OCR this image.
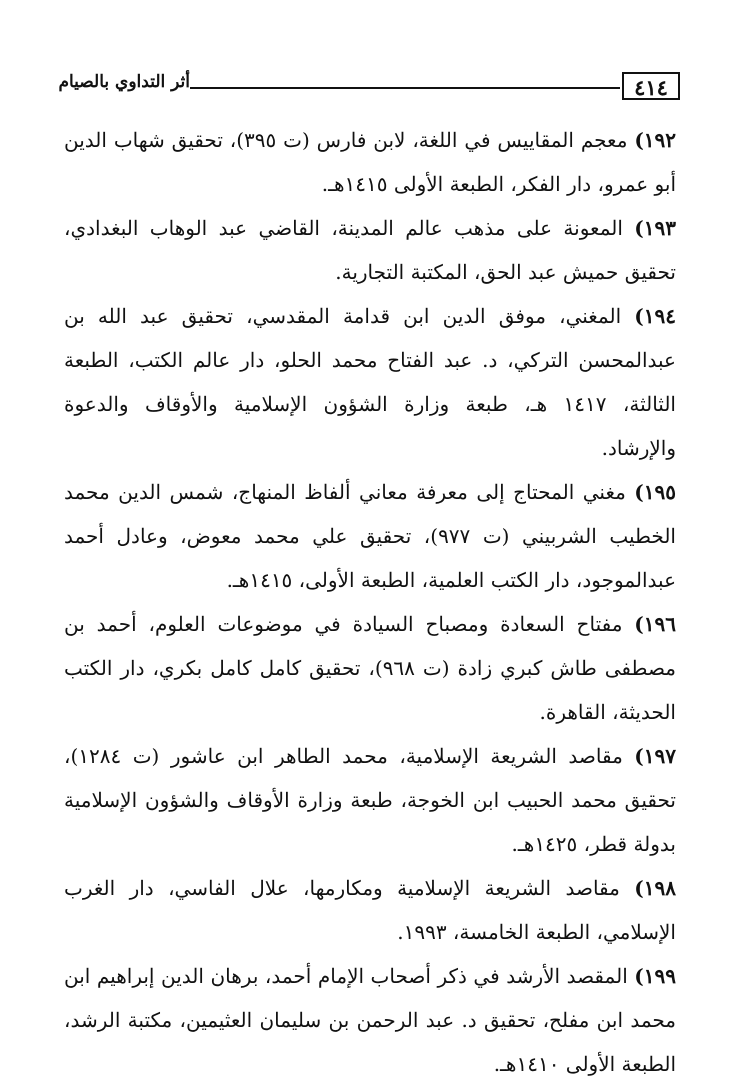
٤١٤
أثر التداوي بالصيام

١٩٢) معجم المقاييس في اللغة، لابن فارس (ت ٣٩٥)، تحقيق شهاب الدين أبو عمرو، دار الفكر، الطبعة الأولى ١٤١٥هـ.

١٩٣) المعونة على مذهب عالم المدينة، القاضي عبد الوهاب البغدادي، تحقيق حميش عبد الحق، المكتبة التجارية.

١٩٤) المغني، موفق الدين ابن قدامة المقدسي، تحقيق عبد الله بن عبدالمحسن التركي، د. عبد الفتاح محمد الحلو، دار عالم الكتب، الطبعة الثالثة، ١٤١٧ هـ، طبعة وزارة الشؤون الإسلامية والأوقاف والدعوة والإرشاد.

١٩٥) مغني المحتاج إلى معرفة معاني ألفاظ المنهاج، شمس الدين محمد الخطيب الشربيني (ت ٩٧٧)، تحقيق علي محمد معوض، وعادل أحمد عبدالموجود، دار الكتب العلمية، الطبعة الأولى، ١٤١٥هـ.

١٩٦) مفتاح السعادة ومصباح السيادة في موضوعات العلوم، أحمد بن مصطفى طاش كبري زادة (ت ٩٦٨)، تحقيق كامل كامل بكري، دار الكتب الحديثة، القاهرة.

١٩٧) مقاصد الشريعة الإسلامية، محمد الطاهر ابن عاشور (ت ١٢٨٤)، تحقيق محمد الحبيب ابن الخوجة، طبعة وزارة الأوقاف والشؤون الإسلامية بدولة قطر، ١٤٢٥هـ.

١٩٨) مقاصد الشريعة الإسلامية ومكارمها، علال الفاسي، دار الغرب الإسلامي، الطبعة الخامسة، ١٩٩٣.

١٩٩) المقصد الأرشد في ذكر أصحاب الإمام أحمد، برهان الدين إبراهيم ابن محمد ابن مفلح، تحقيق د. عبد الرحمن بن سليمان العثيمين، مكتبة الرشد، الطبعة الأولى ١٤١٠هـ.
